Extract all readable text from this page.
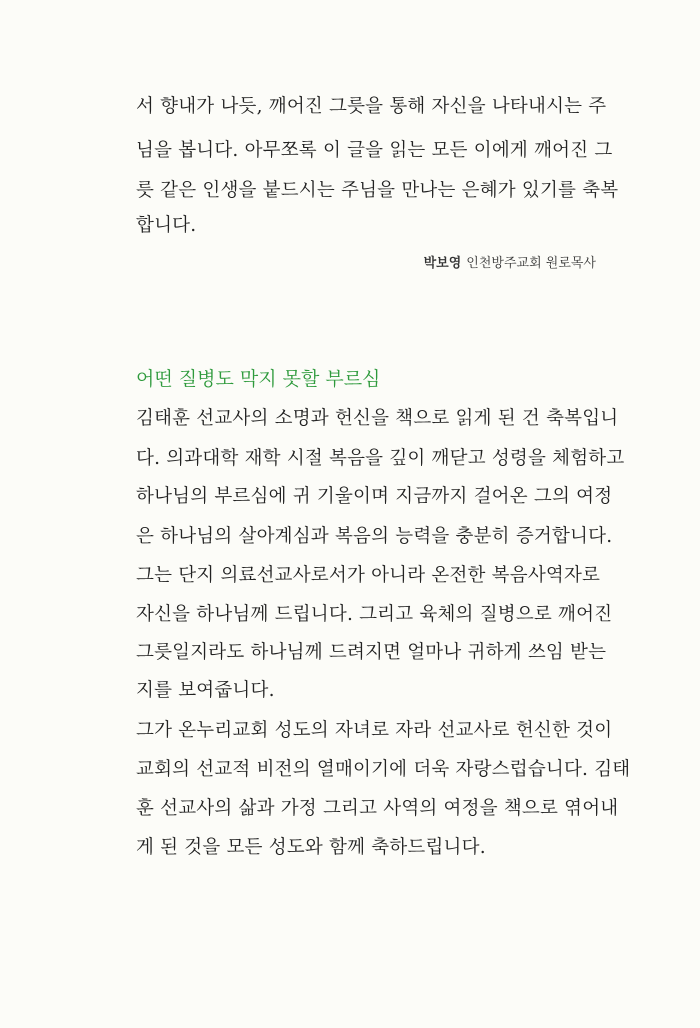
서 향내가 나듯, 깨어진 그릇을 통해 자신을 나타내시는 주
님을 봅니다. 아무쪼록 이 글을 읽는 모든 이에게 깨어진 그
릇 같은 인생을 붙드시는 주님을 만나는 은혜가 있기를 축복
합니다.
박보영 인천방주교회 원로목사
어떤 질병도 막지 못할 부르심
김태훈 선교사의 소명과 헌신을 책으로 읽게 된 건 축복입니
다. 의과대학 재학 시절 복음을 깊이 깨닫고 성령을 체험하고
하나님의 부르심에 귀 기울이며 지금까지 걸어온 그의 여정
은 하나님의 살아계심과 복음의 능력을 충분히 증거합니다.
그는 단지 의료선교사로서가 아니라 온전한 복음사역자로
자신을 하나님께 드립니다. 그리고 육체의 질병으로 깨어진
그릇일지라도 하나님께 드려지면 얼마나 귀하게 쓰임 받는
지를 보여줍니다.
그가 온누리교회 성도의 자녀로 자라 선교사로 헌신한 것이
교회의 선교적 비전의 열매이기에 더욱 자랑스럽습니다. 김태
훈 선교사의 삶과 가정 그리고 사역의 여정을 책으로 엮어내
게 된 것을 모든 성도와 함께 축하드립니다.
